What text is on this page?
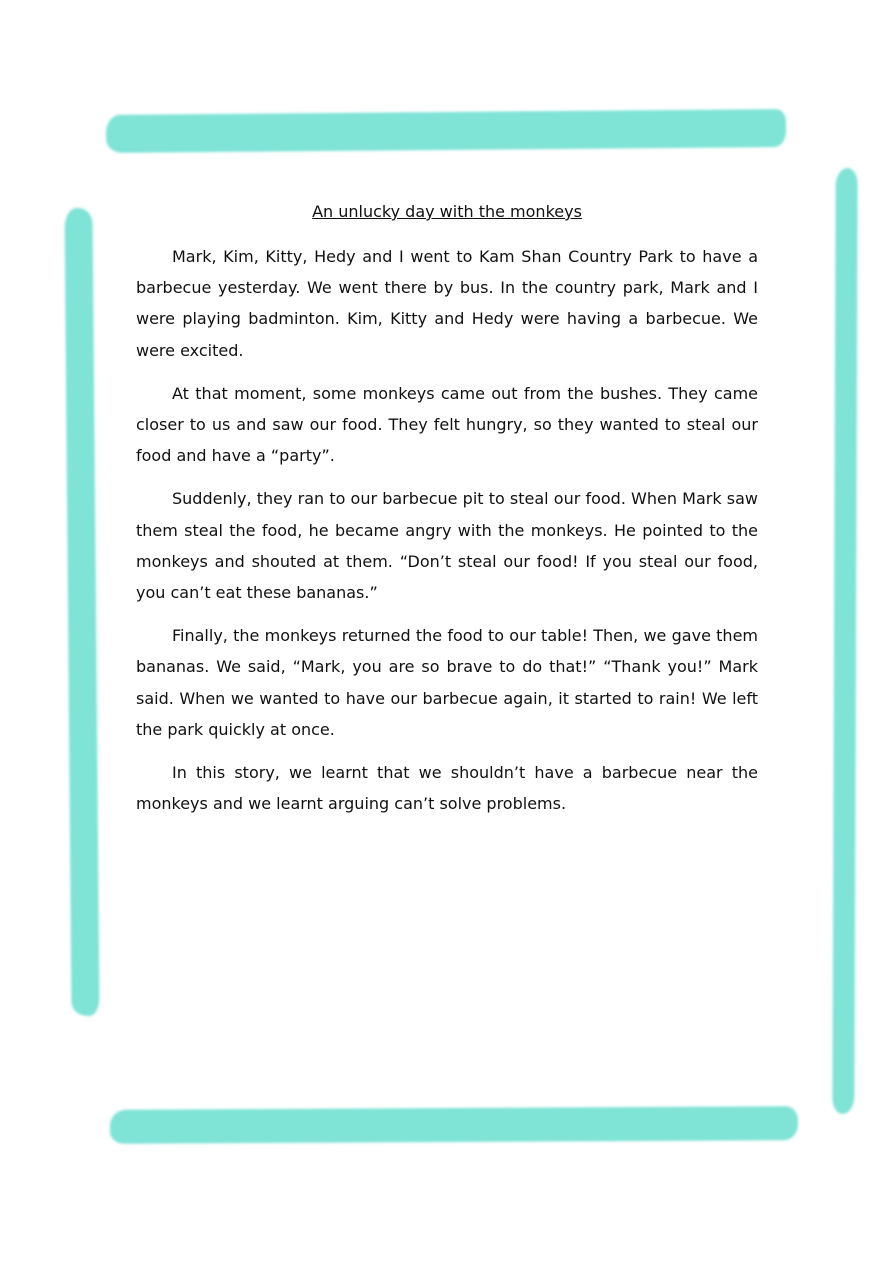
An unlucky day with the monkeys

Mark, Kim, Kitty, Hedy and I went to Kam Shan Country Park to have a barbecue yesterday. We went there by bus. In the country park, Mark and I were playing badminton. Kim, Kitty and Hedy were having a barbecue. We were excited.

At that moment, some monkeys came out from the bushes. They came closer to us and saw our food. They felt hungry, so they wanted to steal our food and have a “party”.

Suddenly, they ran to our barbecue pit to steal our food. When Mark saw them steal the food, he became angry with the monkeys. He pointed to the monkeys and shouted at them. “Don’t steal our food! If you steal our food, you can’t eat these bananas.”

Finally, the monkeys returned the food to our table! Then, we gave them bananas. We said, “Mark, you are so brave to do that!” “Thank you!” Mark said. When we wanted to have our barbecue again, it started to rain! We left the park quickly at once.

In this story, we learnt that we shouldn’t have a barbecue near the monkeys and we learnt arguing can’t solve problems.
